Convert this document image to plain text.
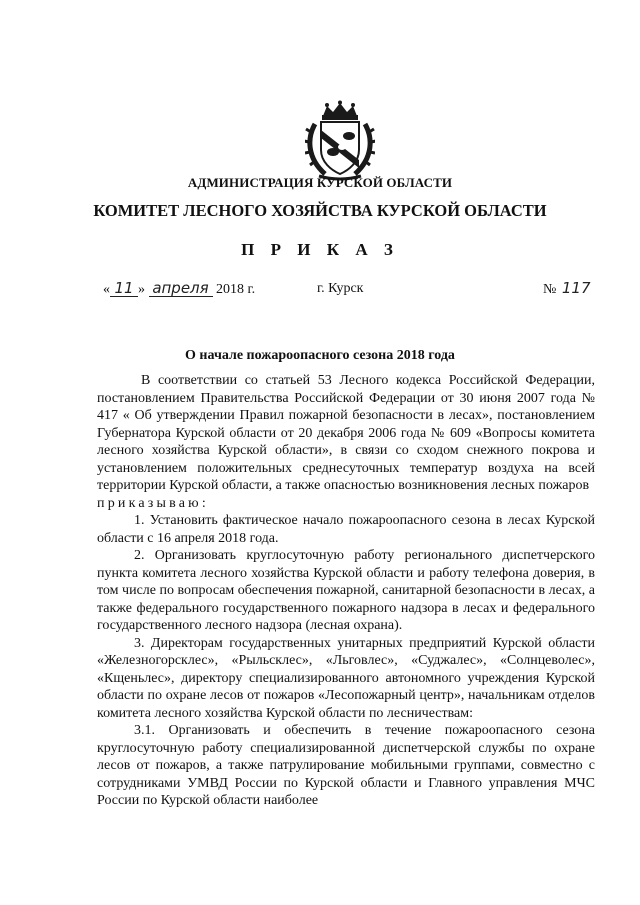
АДМИНИСТРАЦИЯ КУРСКОЙ ОБЛАСТИ
КОМИТЕТ ЛЕСНОГО ХОЗЯЙСТВА КУРСКОЙ ОБЛАСТИ
П Р И К А З
« 11 » апреля 2018 г.	г. Курск	№ 117
О начале пожароопасного сезона 2018 года

В соответствии со статьей 53 Лесного кодекса Российской Федерации, постановлением Правительства Российской Федерации от 30 июня 2007 года № 417 « Об утверждении Правил пожарной безопасности в лесах», постановлением Губернатора Курской области от 20 декабря 2006 года № 609 «Вопросы комитета лесного хозяйства Курской области», в связи со сходом снежного покрова и установлением положительных среднесуточных температур воздуха на всей территории Курской области, а также опасностью возникновения лесных пожаров

приказываю:

1. Установить фактическое начало пожароопасного сезона в лесах Курской области с 16 апреля 2018 года.

2. Организовать круглосуточную работу регионального диспетчерского пункта комитета лесного хозяйства Курской области и работу телефона доверия, в том числе по вопросам обеспечения пожарной, санитарной безопасности в лесах, а также федерального государственного пожарного надзора в лесах и федерального государственного лесного надзора (лесная охрана).

3. Директорам государственных унитарных предприятий Курской области «Железногорсклес», «Рыльсклес», «Льговлес», «Суджалес», «Солнцеволес», «Кщеньлес», директору специализированного автономного учреждения Курской области по охране лесов от пожаров «Лесопожарный центр», начальникам отделов комитета лесного хозяйства Курской области по лесничествам:

3.1. Организовать и обеспечить в течение пожароопасного сезона круглосуточную работу специализированной диспетчерской службы по охране лесов от пожаров, а также патрулирование мобильными группами, совместно с сотрудниками УМВД России по Курской области и Главного управления МЧС России по Курской области наиболее
